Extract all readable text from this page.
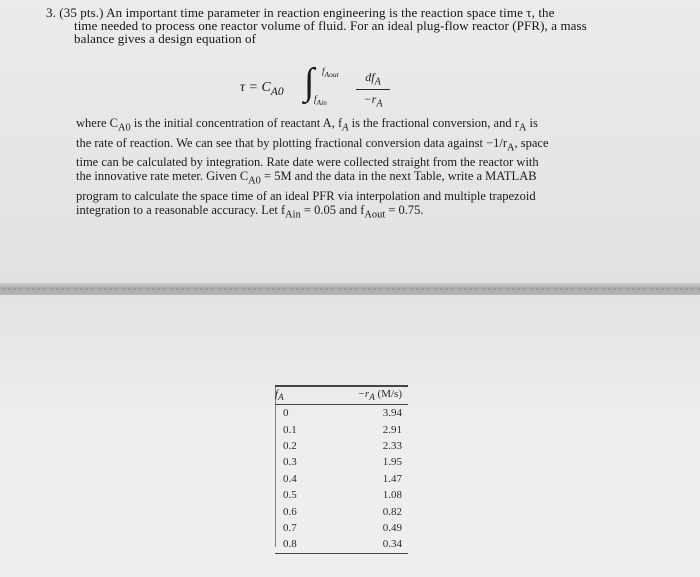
3. (35 pts.) An important time parameter in reaction engineering is the reaction space time τ, the

time needed to process one reactor volume of fluid. For an ideal plug-flow reactor (PFR), a mass

balance gives a design equation of

$\tau = C_{A0}$ ∫ $f_{Aout}$
$f_{Ain}$
$df_A$
$-r_A$
where $C_{A0}$ is the initial concentration of reactant A, $f_A$ is the fractional conversion, and $r_A$ is
the rate of reaction. We can see that by plotting fractional conversion data against $-1/r_A$, space
time can be calculated by integration. Rate date were collected straight from the reactor with
the innovative rate meter. Given $C_{A0} = 5M$ and the data in the next Table, write a MATLAB
program to calculate the space time of an ideal PFR via interpolation and multiple trapezoid
integration to a reasonable accuracy. Let $f_{Ain} = 0.05$ and $f_{Aout} = 0.75$.
$f_A$	$-r_A$ (M/s)
0	3.94
0.1	2.91
0.2	2.33
0.3	1.95
0.4	1.47
0.5	1.08
0.6	0.82
0.7	0.49
0.8	0.34
